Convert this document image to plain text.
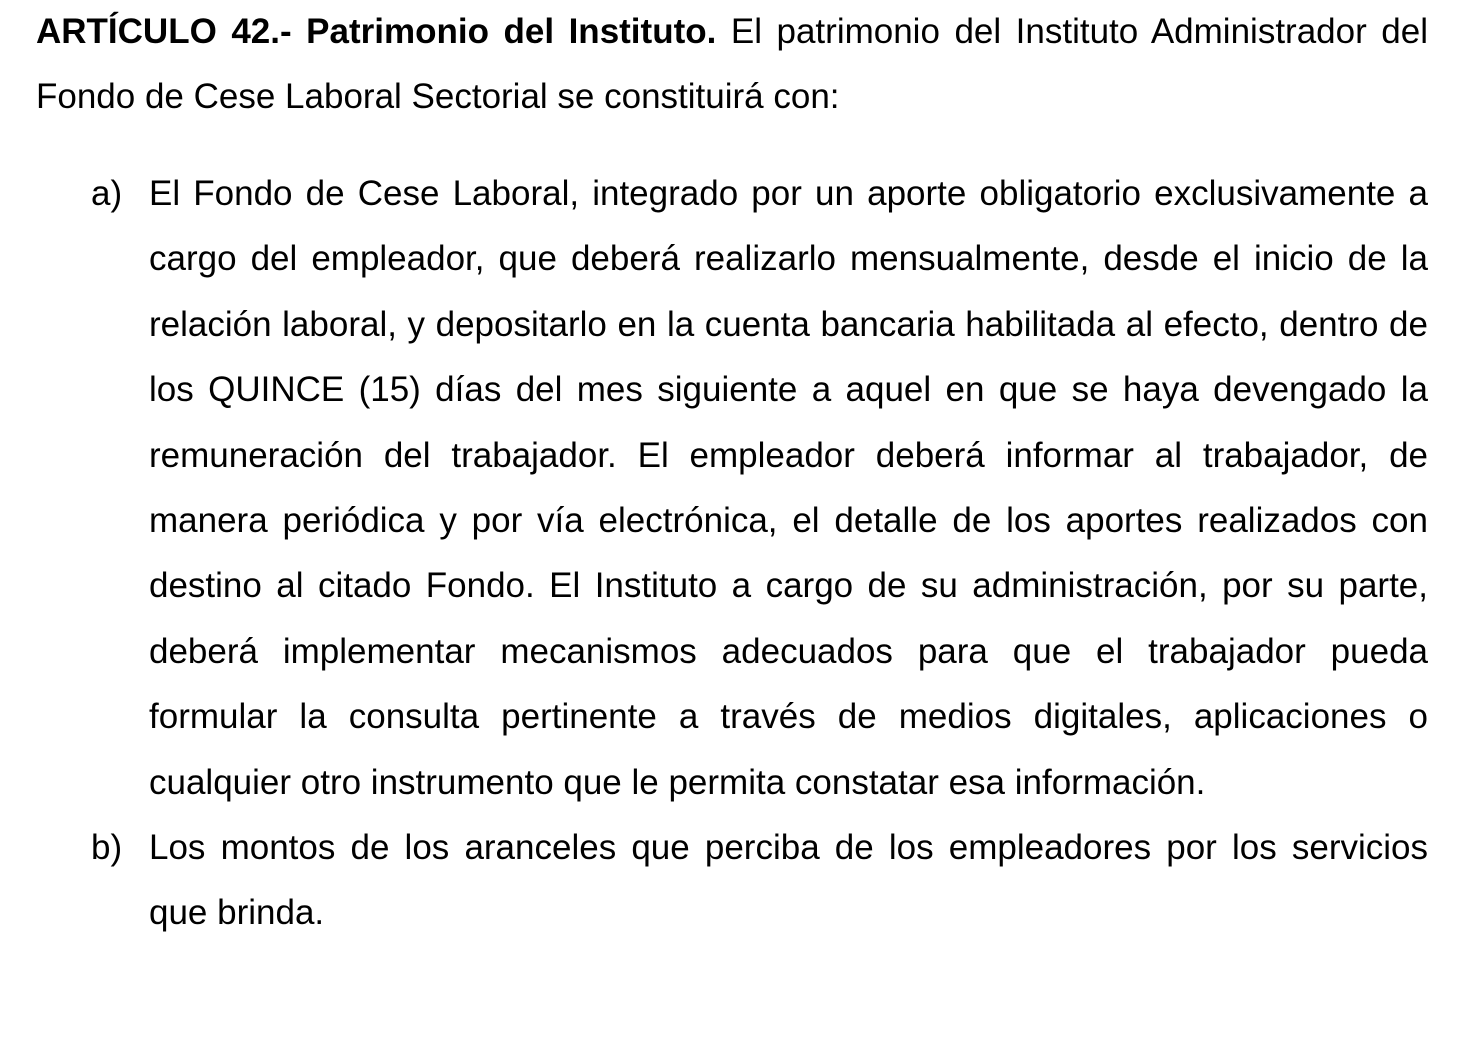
ARTÍCULO 42.- Patrimonio del Instituto. El patrimonio del Instituto Administrador del Fondo de Cese Laboral Sectorial se constituirá con:

a) El Fondo de Cese Laboral, integrado por un aporte obligatorio exclusivamente a cargo del empleador, que deberá realizarlo mensualmente, desde el inicio de la relación laboral, y depositarlo en la cuenta bancaria habilitada al efecto, dentro de los QUINCE (15) días del mes siguiente a aquel en que se haya devengado la remuneración del trabajador. El empleador deberá informar al trabajador, de manera periódica y por vía electrónica, el detalle de los aportes realizados con destino al citado Fondo. El Instituto a cargo de su administración, por su parte, deberá implementar mecanismos adecuados para que el trabajador pueda formular la consulta pertinente a través de medios digitales, aplicaciones o cualquier otro instrumento que le permita constatar esa información.
b) Los montos de los aranceles que perciba de los empleadores por los servicios que brinda.
